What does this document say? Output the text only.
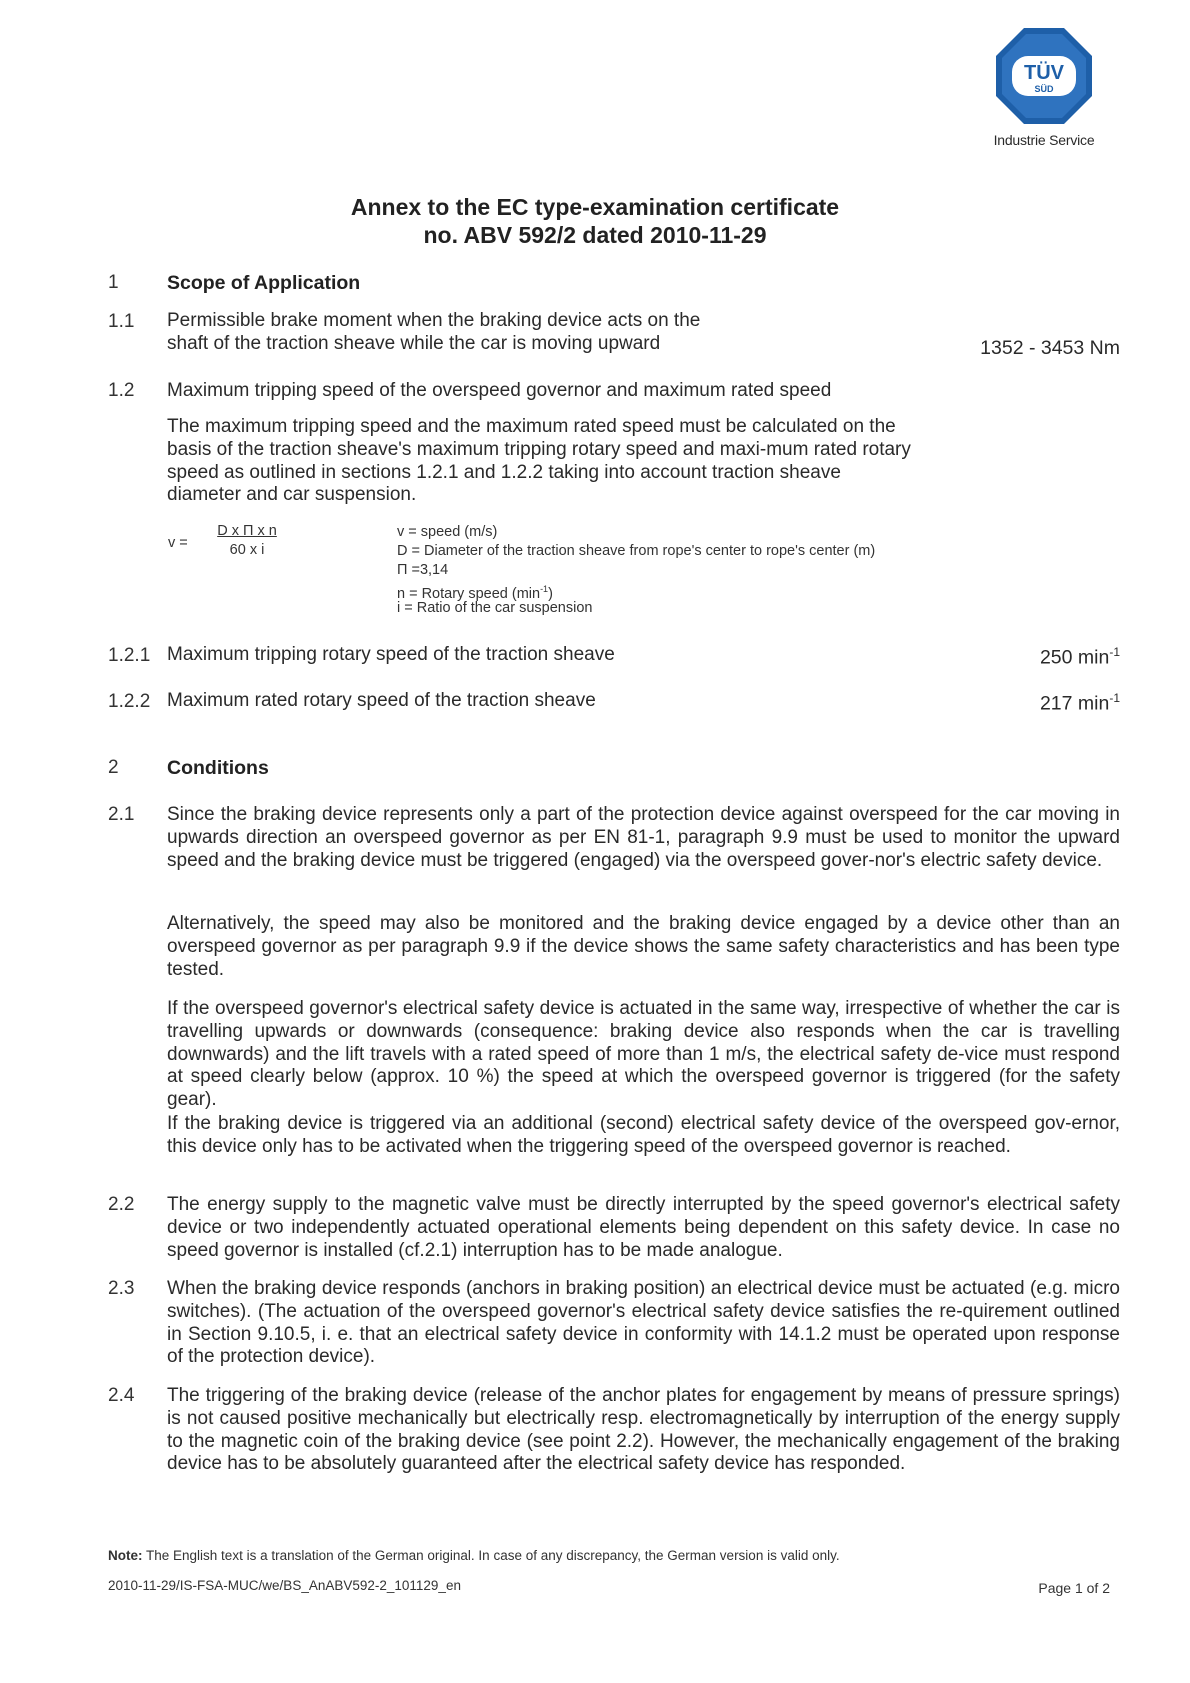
TÜV
SÜD
Industrie Service
Annex to the EC type-examination certificate
no. ABV 592/2 dated 2010-11-29
1 Scope of Application
1.1 Permissible brake moment when the braking device acts on the shaft of the traction sheave while the car is moving upward	1352 - 3453 Nm
1.2 Maximum tripping speed of the overspeed governor and maximum rated speed
The maximum tripping speed and the maximum rated speed must be calculated on the basis of the traction sheave's maximum tripping rotary speed and maxi-mum rated rotary speed as outlined in sections 1.2.1 and 1.2.2 taking into account traction sheave diameter and car suspension.
v =
D x Π x n
60 x i
v = speed (m/s)
D = Diameter of the traction sheave from rope's center to rope's center (m)
Π =3,14
n = Rotary speed $(\min^{-1})$
i = Ratio of the car suspension
1.2.1 Maximum tripping rotary speed of the traction sheave	250 $\min^{-1}$
1.2.2 Maximum rated rotary speed of the traction sheave	217 $\min^{-1}$
2 Conditions
2.1 Since the braking device represents only a part of the protection device against overspeed for the car moving in upwards direction an overspeed governor as per EN 81-1, paragraph 9.9 must be used to monitor the upward speed and the braking device must be triggered (engaged) via the overspeed gover-nor's electric safety device.
Alternatively, the speed may also be monitored and the braking device engaged by a device other than an overspeed governor as per paragraph 9.9 if the device shows the same safety characteristics and has been type tested.
If the overspeed governor's electrical safety device is actuated in the same way, irrespective of whether the car is travelling upwards or downwards (consequence: braking device also responds when the car is travelling downwards) and the lift travels with a rated speed of more than 1 m/s, the electrical safety de-vice must respond at speed clearly below (approx. 10 %) the speed at which the overspeed governor is triggered (for the safety gear).
If the braking device is triggered via an additional (second) electrical safety device of the overspeed gov-ernor, this device only has to be activated when the triggering speed of the overspeed governor is reached.
2.2 The energy supply to the magnetic valve must be directly interrupted by the speed governor's electrical safety device or two independently actuated operational elements being dependent on this safety device. In case no speed governor is installed (cf.2.1) interruption has to be made analogue.
2.3 When the braking device responds (anchors in braking position) an electrical device must be actuated (e.g. micro switches). (The actuation of the overspeed governor's electrical safety device satisfies the re-quirement outlined in Section 9.10.5, i. e. that an electrical safety device in conformity with 14.1.2 must be operated upon response of the protection device).
2.4 The triggering of the braking device (release of the anchor plates for engagement by means of pressure springs) is not caused positive mechanically but electrically resp. electromagnetically by interruption of the energy supply to the magnetic coin of the braking device (see point 2.2). However, the mechanically engagement of the braking device has to be absolutely guaranteed after the electrical safety device has responded.
Note: The English text is a translation of the German original. In case of any discrepancy, the German version is valid only.
2010-11-29/IS-FSA-MUC/we/BS_AnABV592-2_101129_en	Page 1 of 2
